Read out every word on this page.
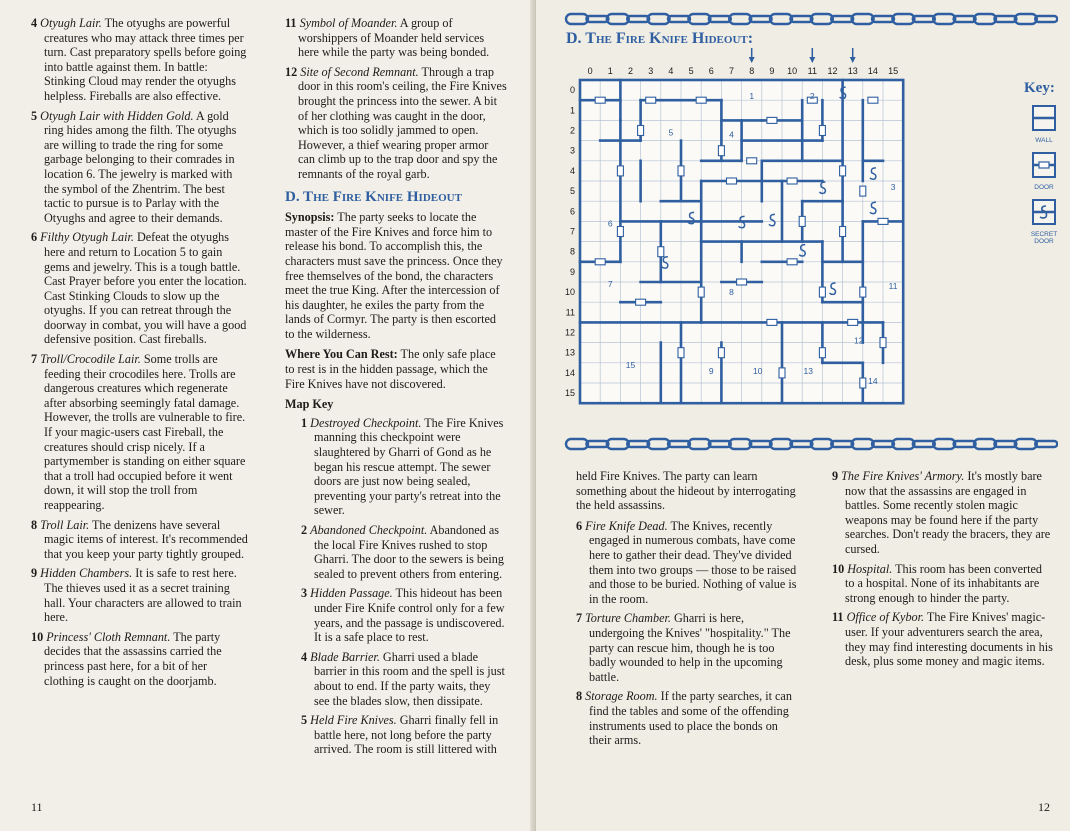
4 Otyugh Lair. The otyughs are powerful creatures who may attack three times per turn. Cast preparatory spells before going into battle against them. In battle: Stinking Cloud may render the otyughs helpless. Fireballs are also effective.

5 Otyugh Lair with Hidden Gold. A gold ring hides among the filth. The otyughs are willing to trade the ring for some garbage belonging to their comrades in location 6. The jewelry is marked with the symbol of the Zhentrim. The best tactic to pursue is to Parlay with the Otyughs and agree to their demands.

6 Filthy Otyugh Lair. Defeat the otyughs here and return to Location 5 to gain gems and jewelry. This is a tough battle. Cast Prayer before you enter the location. Cast Stinking Clouds to slow up the otyughs. If you can retreat through the doorway in combat, you will have a good defensive position. Cast fireballs.

7 Troll/Crocodile Lair. Some trolls are feeding their crocodiles here. Trolls are dangerous creatures which regenerate after absorbing seemingly fatal damage. However, the trolls are vulnerable to fire. If your magic-users cast Fireball, the creatures should crisp nicely. If a partymember is standing on either square that a troll had occupied before it went down, it will stop the troll from reappearing.

8 Troll Lair. The denizens have several magic items of interest. It's recommended that you keep your party tightly grouped.

9 Hidden Chambers. It is safe to rest here. The thieves used it as a secret training hall. Your characters are allowed to train here.

10 Princess' Cloth Remnant. The party decides that the assassins carried the princess past here, for a bit of her clothing is caught on the doorjamb.

11 Symbol of Moander. A group of worshippers of Moander held services here while the party was being bonded.

12 Site of Second Remnant. Through a trap door in this room's ceiling, the Fire Knives brought the princess into the sewer. A bit of her clothing was caught in the door, which is too solidly jammed to open. However, a thief wearing proper armor can climb up to the trap door and spy the remnants of the royal garb.

D. The Fire Knife Hideout

Synopsis: The party seeks to locate the master of the Fire Knives and force him to release his bond. To accomplish this, the characters must save the princess. Once they free themselves of the bond, the characters meet the true King. After the intercession of his daughter, he exiles the party from the lands of Cormyr. The party is then escorted to the wilderness.

Where You Can Rest: The only safe place to rest is in the hidden passage, which the Fire Knives have not discovered.

Map Key

1 Destroyed Checkpoint. The Fire Knives manning this checkpoint were slaughtered by Gharri of Gond as he began his rescue attempt. The sewer doors are just now being sealed, preventing your party's retreat into the sewer.

2 Abandoned Checkpoint. Abandoned as the local Fire Knives rushed to stop Gharri. The door to the sewers is being sealed to prevent others from entering.

3 Hidden Passage. This hideout has been under Fire Knife control only for a few years, and the passage is undiscovered. It is a safe place to rest.

4 Blade Barrier. Gharri used a blade barrier in this room and the spell is just about to end. If the party waits, they see the blades slow, then dissipate.

5 Held Fire Knives. Gharri finally fell in battle here, not long before the party arrived. The room is still littered with

11
D. The Fire Knife Hideout:
0 1 2 3 4 5 6 7 8 9 10 11 12 13 14 15
0
1
2
3
4
5
6
7
8
9
10
11
12
13
14
15
1	2
3
4
5
6
7
8
9	10
11
12
13
14
15
Key:
WALL
DOOR
SECRET DOOR

held Fire Knives. The party can learn something about the hideout by interrogating the held assassins.

6 Fire Knife Dead. The Knives, recently engaged in numerous combats, have come here to gather their dead. They've divided them into two groups — those to be raised and those to be buried. Nothing of value is in the room.

7 Torture Chamber. Gharri is here, undergoing the Knives' "hospitality." The party can rescue him, though he is too badly wounded to help in the upcoming battle.

8 Storage Room. If the party searches, it can find the tables and some of the offending instruments used to place the bonds on their arms.

9 The Fire Knives' Armory. It's mostly bare now that the assassins are engaged in battles. Some recently stolen magic weapons may be found here if the party searches. Don't ready the bracers, they are cursed.

10 Hospital. This room has been converted to a hospital. None of its inhabitants are strong enough to hinder the party.

11 Office of Kybor. The Fire Knives' magic-user. If your adventurers search the area, they may find interesting documents in his desk, plus some money and magic items.

12
